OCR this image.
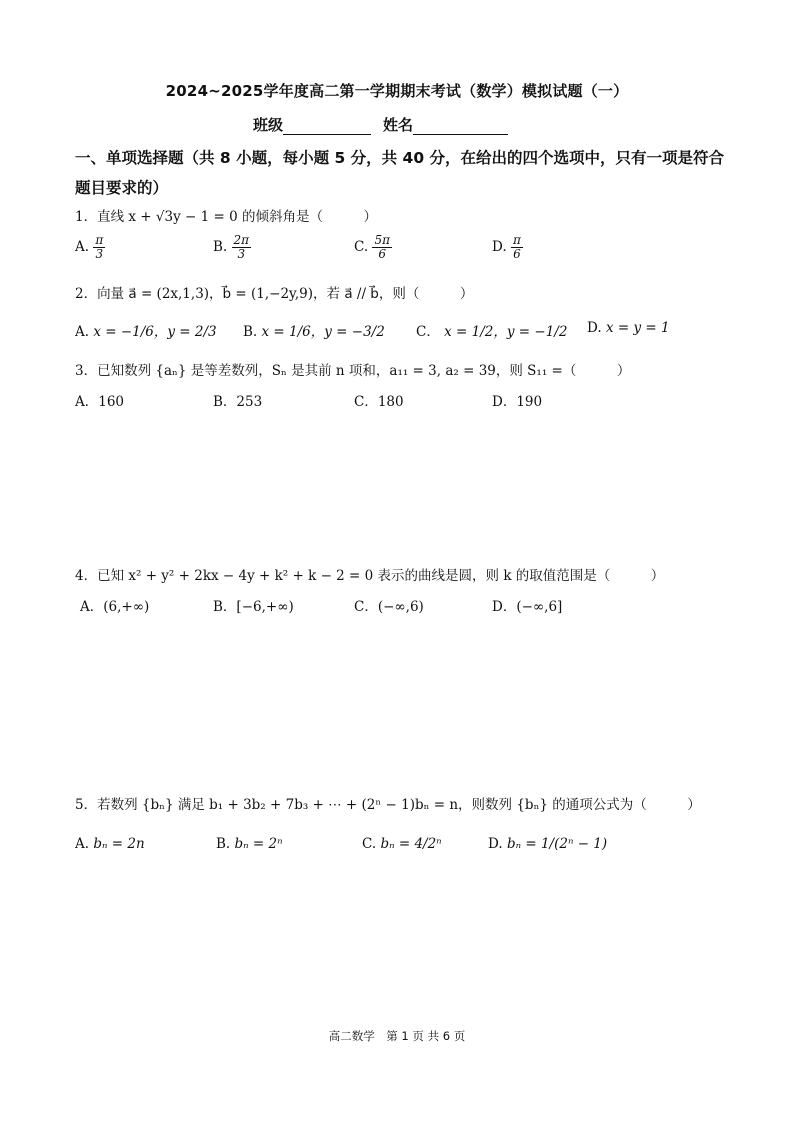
2024~2025学年度高二第一学期期末考试（数学）模拟试题（一）
班级	姓名
一、单项选择题（共 8 小题，每小题 5 分，共 40 分，在给出的四个选项中，只有一项是符合
题目要求的）
1．直线 x + √3y − 1 = 0 的倾斜角是（　　　）
A. $\frac{\pi}{3}$	B. $\frac{2\pi}{3}$	C. $\frac{5\pi}{6}$	D. $\frac{\pi}{6}$
2．向量 a⃗ = (2x,1,3)，b⃗ = (1,−2y,9)，若 a⃗ // b⃗，则（　　　）
A. x = −1/6，y = 2/3 B. x = 1/6，y = −3/2 C． x = 1/2，y = −1/2 D. x = y = 1
3．已知数列 {aₙ} 是等差数列，Sₙ 是其前 n 项和，a₁₁ = 3, a₂ = 39，则 S₁₁ =（　　　）
A．160	B．253	C．180	D．190
4．已知 x² + y² + 2kx − 4y + k² + k − 2 = 0 表示的曲线是圆，则 k 的取值范围是（　　　）
A．(6,+∞)	B．[−6,+∞)	C．(−∞,6)	D．(−∞,6]
5．若数列 {bₙ} 满足 b₁ + 3b₂ + 7b₃ + ⋯ + (2ⁿ − 1)bₙ = n，则数列 {bₙ} 的通项公式为（　　　）
A. bₙ = 2n	B. bₙ = 2ⁿ	C. bₙ = 4/2ⁿ	D. bₙ = 1/(2ⁿ − 1)
高二数学　第 1 页 共 6 页
